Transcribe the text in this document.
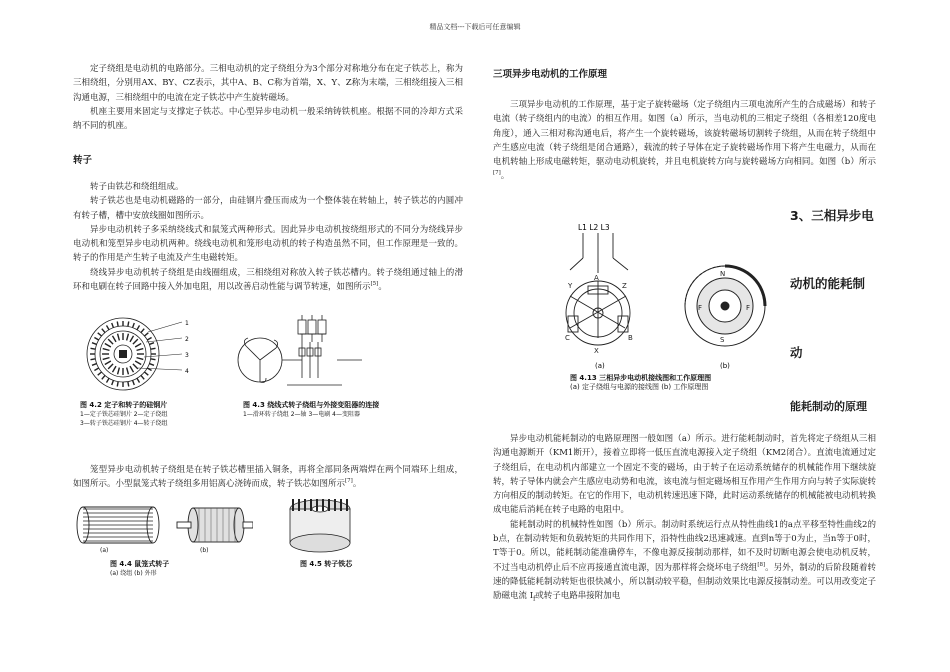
精品文档---下载后可任意编辑

定子绕组是电动机的电路部分。三相电动机的定子绕组分为3个部分对称地分布在定子铁芯上，称为三相绕组，分别用AX、BY、CZ表示，其中A、B、C称为首端，X、Y、Z称为末端，三相绕组接入三相沟通电源，三相绕组中的电流在定子铁芯中产生旋转磁场。

机座主要用来固定与支撑定子铁芯。中心型异步电动机一般采纳铸铁机座。根据不同的冷却方式采纳不同的机座。

转子

转子由铁芯和绕组组成。

转子铁芯也是电动机磁路的一部分，由硅钢片叠压而成为一个整体装在转轴上，转子铁芯的内圆冲有转子槽，槽中安放线圈如图所示。

异步电动机转子多采纳绕线式和鼠笼式两种形式。因此异步电动机按绕组形式的不同分为绕线异步电动机和笼型异步电动机两种。绕线电动机和笼形电动机的转子构造虽然不同，但工作原理是一致的。转子的作用是产生转子电流及产生电磁转矩。

绕线异步电动机转子绕组是由线圈组成，三相绕组对称放入转子铁芯槽内。转子绕组通过轴上的滑环和电刷在转子回路中接入外加电阻，用以改善启动性能与调节转速，如图所示[5]。

1
2
3
4
图 4.2 定子和转子的硅钢片
1—定子铁芯硅钢片 2—定子绕组
3—转子铁芯硅钢片 4—转子绕组
图 4.3 绕线式转子绕组与外接变阻器的连接
1—滑环转子绕组 2—轴 3—电刷 4—变阻器

笼型异步电动机转子绕组是在转子铁芯槽里插入铜条，再将全部同条两端焊在两个同端环上组成，如图所示。小型鼠笼式转子绕组多用铝离心浇铸而成，转子铁芯如图所示[7]。

(a)	(b)
图 4.4 鼠笼式转子
(a) 绕组 (b) 外形
图 4.5 转子铁芯
三项异步电动机的工作原理

三项异步电动机的工作原理，基于定子旋转磁场（定子绕组内三项电流所产生的合成磁场）和转子电流（转子绕组内的电流）的相互作用。如图（a）所示，当电动机的三相定子绕组（各相差120度电角度），通入三相对称沟通电后，将产生一个旋转磁场，该旋转磁场切割转子绕组，从而在转子绕组中产生感应电流（转子绕组是闭合通路），载流的转子导体在定子旋转磁场作用下将产生电磁力，从而在电机转轴上形成电磁转矩，驱动电动机旋转，并且电机旋转方向与旋转磁场方向相同。如图（b）所示[7]。

3、三相异步电
动机的能耗制
动
能耗制动的原理
L1 L2 L3
Y
A
Z
C	B
X
N
S
F	F
(a)	(b)
图 4.13 三相异步电动机接线图和工作原理图
(a) 定子绕组与电源的接线图 (b) 工作原理图

异步电动机能耗制动的电路原理图一般如图（a）所示。进行能耗制动时，首先将定子绕组从三相沟通电源断开（KM1断开），接着立即将一低压直流电源接入定子绕组（KM2闭合）。直流电流通过定子绕组后，在电动机内部建立一个固定不变的磁场，由于转子在运动系统储存的机械能作用下继续旋转，转子导体内就会产生感应电动势和电流，该电流与恒定磁场相互作用产生作用方向与转子实际旋转方向相反的制动转矩。在它的作用下，电动机转速迅速下降，此时运动系统储存的机械能被电动机转换成电能后消耗在转子电路的电阻中。

能耗制动时的机械特性如图（b）所示。制动时系统运行点从特性曲线1的a点平移至特性曲线2的b点，在制动转矩和负载转矩的共同作用下，沿特性曲线2迅速减速。直到n等于0为止，当n等于0时，T等于0。所以，能耗制动能准确停车，不像电源反接制动那样，如不及时切断电源会使电动机反转，不过当电动机停止后不应再接通直流电源，因为那样将会烧坏电子绕组[8]。另外，制动的后阶段随着转速的降低能耗制动转矩也很快减小，所以制动较平稳，但制动效果比电源反接制动差。可以用改变定子励磁电流 $I_f$或转子电路串接附加电
